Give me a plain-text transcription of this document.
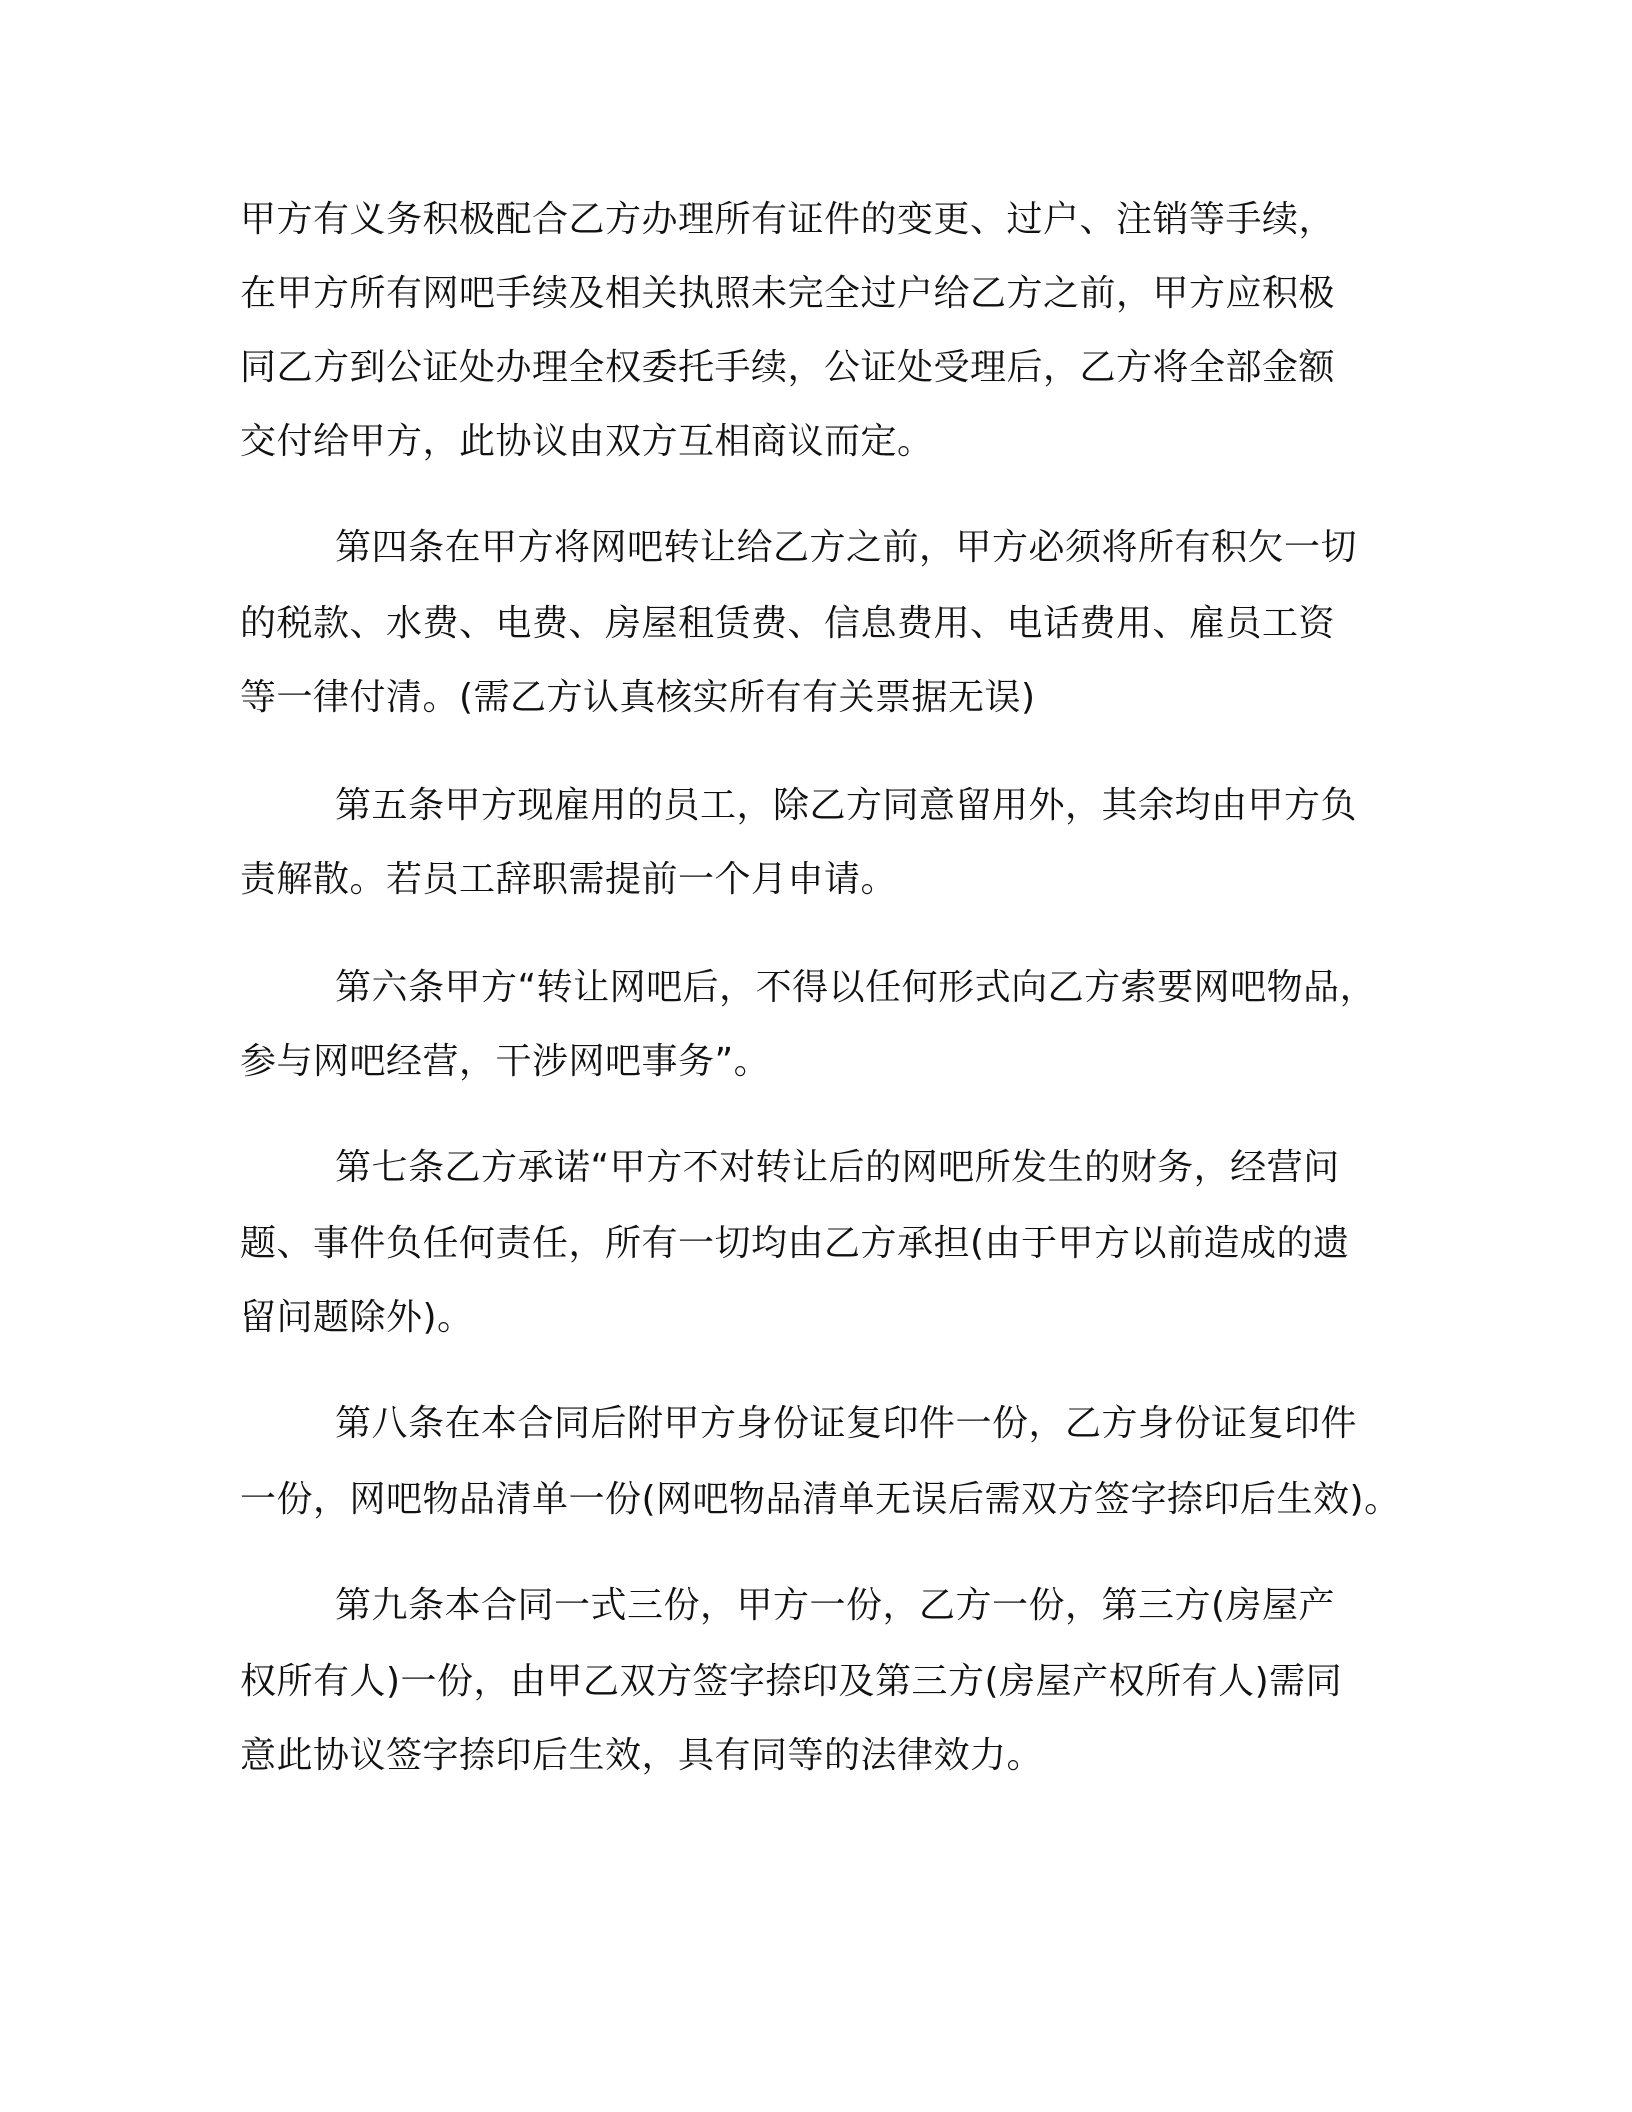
甲方有义务积极配合乙方办理所有证件的变更、过户、注销等手续，
在甲方所有网吧手续及相关执照未完全过户给乙方之前，甲方应积极
同乙方到公证处办理全权委托手续，公证处受理后，乙方将全部金额
交付给甲方，此协议由双方互相商议而定。
第四条在甲方将网吧转让给乙方之前，甲方必须将所有积欠一切
的税款、水费、电费、房屋租赁费、信息费用、电话费用、雇员工资
等一律付清。(需乙方认真核实所有有关票据无误)
第五条甲方现雇用的员工，除乙方同意留用外，其余均由甲方负
责解散。若员工辞职需提前一个月申请。
第六条甲方“转让网吧后，不得以任何形式向乙方索要网吧物品，
参与网吧经营，干涉网吧事务”。
第七条乙方承诺“甲方不对转让后的网吧所发生的财务，经营问
题、事件负任何责任，所有一切均由乙方承担(由于甲方以前造成的遗
留问题除外)。
第八条在本合同后附甲方身份证复印件一份，乙方身份证复印件
一份，网吧物品清单一份(网吧物品清单无误后需双方签字捺印后生效)。
第九条本合同一式三份，甲方一份，乙方一份，第三方(房屋产
权所有人)一份，由甲乙双方签字捺印及第三方(房屋产权所有人)需同
意此协议签字捺印后生效，具有同等的法律效力。
